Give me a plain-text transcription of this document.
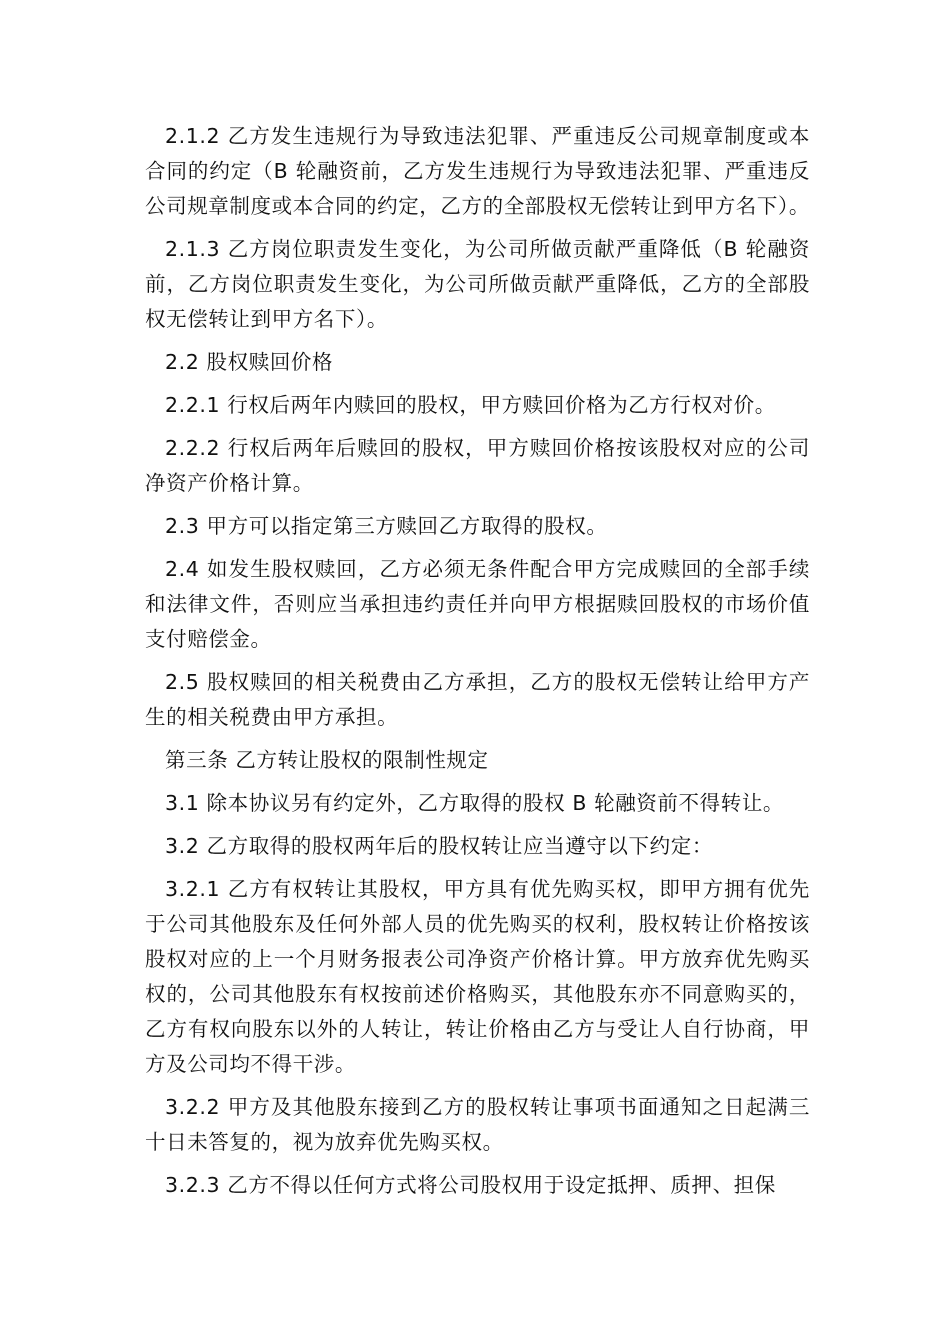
2.1.2 乙方发生违规行为导致违法犯罪、严重违反公司规章制度或本合同的约定（B 轮融资前，乙方发生违规行为导致违法犯罪、严重违反公司规章制度或本合同的约定，乙方的全部股权无偿转让到甲方名下）。

2.1.3 乙方岗位职责发生变化，为公司所做贡献严重降低（B 轮融资前，乙方岗位职责发生变化，为公司所做贡献严重降低，乙方的全部股权无偿转让到甲方名下）。

2.2 股权赎回价格

2.2.1 行权后两年内赎回的股权，甲方赎回价格为乙方行权对价。

2.2.2 行权后两年后赎回的股权，甲方赎回价格按该股权对应的公司净资产价格计算。

2.3 甲方可以指定第三方赎回乙方取得的股权。

2.4 如发生股权赎回，乙方必须无条件配合甲方完成赎回的全部手续和法律文件，否则应当承担违约责任并向甲方根据赎回股权的市场价值支付赔偿金。

2.5 股权赎回的相关税费由乙方承担，乙方的股权无偿转让给甲方产生的相关税费由甲方承担。

第三条 乙方转让股权的限制性规定

3.1 除本协议另有约定外，乙方取得的股权 B 轮融资前不得转让。

3.2 乙方取得的股权两年后的股权转让应当遵守以下约定：

3.2.1 乙方有权转让其股权，甲方具有优先购买权，即甲方拥有优先于公司其他股东及任何外部人员的优先购买的权利，股权转让价格按该股权对应的上一个月财务报表公司净资产价格计算。甲方放弃优先购买权的，公司其他股东有权按前述价格购买，其他股东亦不同意购买的，乙方有权向股东以外的人转让，转让价格由乙方与受让人自行协商，甲方及公司均不得干涉。

3.2.2 甲方及其他股东接到乙方的股权转让事项书面通知之日起满三十日未答复的，视为放弃优先购买权。

3.2.3 乙方不得以任何方式将公司股权用于设定抵押、质押、担保
